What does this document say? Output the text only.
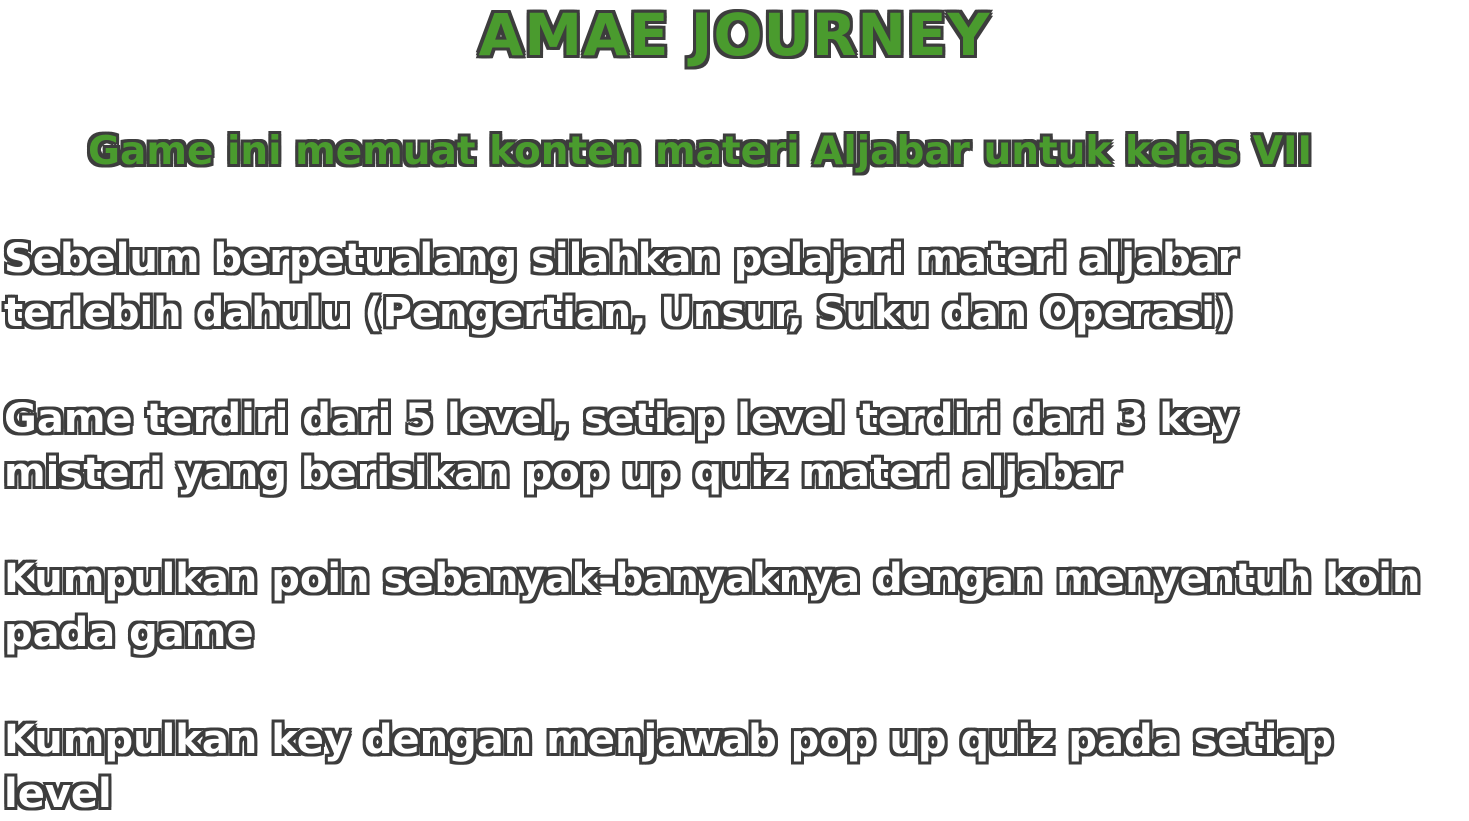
AMAE JOURNEY
Game ini memuat konten materi Aljabar untuk kelas VII
Sebelum berpetualang silahkan pelajari materi aljabar
terlebih dahulu (Pengertian, Unsur, Suku dan Operasi)
Game terdiri dari 5 level, setiap level terdiri dari 3 key
misteri yang berisikan pop up quiz materi aljabar
Kumpulkan poin sebanyak-banyaknya dengan menyentuh koin
pada game
Kumpulkan key dengan menjawab pop up quiz pada setiap
level
